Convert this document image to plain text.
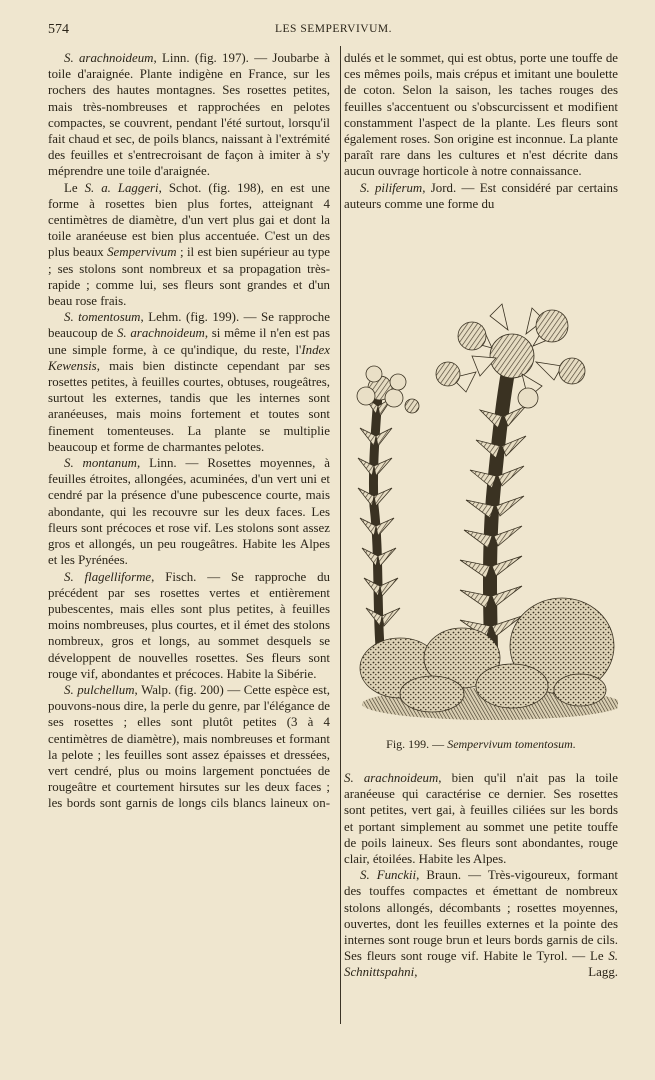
574	LES SEMPERVIVUM.

S. arachnoideum, Linn. (fig. 197). — Joubarbe à toile d'araignée. Plante indigène en France, sur les rochers des hautes montagnes. Ses rosettes petites, mais très-nombreuses et rapprochées en pelotes compactes, se couvrent, pendant l'été surtout, lorsqu'il fait chaud et sec, de poils blancs, naissant à l'extrémité des feuilles et s'entrecroisant de façon à imiter à s'y méprendre une toile d'araignée.

Le S. a. Laggeri, Schot. (fig. 198), en est une forme à rosettes bien plus fortes, atteignant 4 centimètres de diamètre, d'un vert plus gai et dont la toile aranéeuse est bien plus accentuée. C'est un des plus beaux Sempervivum ; il est bien supérieur au type ; ses stolons sont nombreux et sa propagation très-rapide ; comme lui, ses fleurs sont grandes et d'un beau rose frais.

S. tomentosum, Lehm. (fig. 199). — Se rapproche beaucoup de S. arachnoideum, si même il n'en est pas une simple forme, à ce qu'indique, du reste, l'Index Kewensis, mais bien distincte cependant par ses rosettes petites, à feuilles courtes, obtuses, rougeâtres, surtout les externes, tandis que les internes sont aranéeuses, mais moins fortement et toutes sont finement tomenteuses. La plante se multiplie beaucoup et forme de charmantes pelotes.

S. montanum, Linn. — Rosettes moyennes, à feuilles étroites, allongées, acuminées, d'un vert uni et cendré par la présence d'une pubescence courte, mais abondante, qui les recouvre sur les deux faces. Les fleurs sont précoces et rose vif. Les stolons sont assez gros et allongés, un peu rougeâtres. Habite les Alpes et les Pyrénées.

S. flagelliforme, Fisch. — Se rapproche du précédent par ses rosettes vertes et entièrement pubescentes, mais elles sont plus petites, à feuilles moins nombreuses, plus courtes, et il émet des stolons nombreux, gros et longs, au sommet desquels se développent de nouvelles rosettes. Ses fleurs sont rouge vif, abondantes et précoces. Habite la Sibérie.

S. pulchellum, Walp. (fig. 200) — Cette espèce est, pouvons-nous dire, la perle du genre, par l'élégance de ses rosettes ; elles sont plutôt petites (3 à 4 centimètres de diamètre), mais nombreuses et formant la pelote ; les feuilles sont assez épaisses et dressées, vert cendré, plus ou moins largement ponctuées de rougeâtre et courtement hirsutes sur les deux faces ; les bords sont garnis de longs cils blancs laineux on-

dulés et le sommet, qui est obtus, porte une touffe de ces mêmes poils, mais crépus et imitant une boulette de coton. Selon la saison, les taches rouges des feuilles s'accentuent ou s'obscurcissent et modifient constamment l'aspect de la plante. Les fleurs sont également roses. Son origine est inconnue. La plante paraît rare dans les cultures et n'est décrite dans aucun ouvrage horticole à notre connaissance.

S. piliferum, Jord. — Est considéré par certains auteurs comme une forme du

Fig. 199. — Sempervivum tomentosum.

S. arachnoideum, bien qu'il n'ait pas la toile aranéeuse qui caractérise ce dernier. Ses rosettes sont petites, vert gai, à feuilles ciliées sur les bords et portant simplement au sommet une petite touffe de poils laineux. Ses fleurs sont abondantes, rouge clair, étoilées. Habite les Alpes.

S. Funckii, Braun. — Très-vigoureux, formant des touffes compactes et émettant de nombreux stolons allongés, décombants ; rosettes moyennes, ouvertes, dont les feuilles externes et la pointe des internes sont rouge brun et leurs bords garnis de cils. Ses fleurs sont rouge vif. Habite le Tyrol. — Le S. Schnittspahni, Lagg.
